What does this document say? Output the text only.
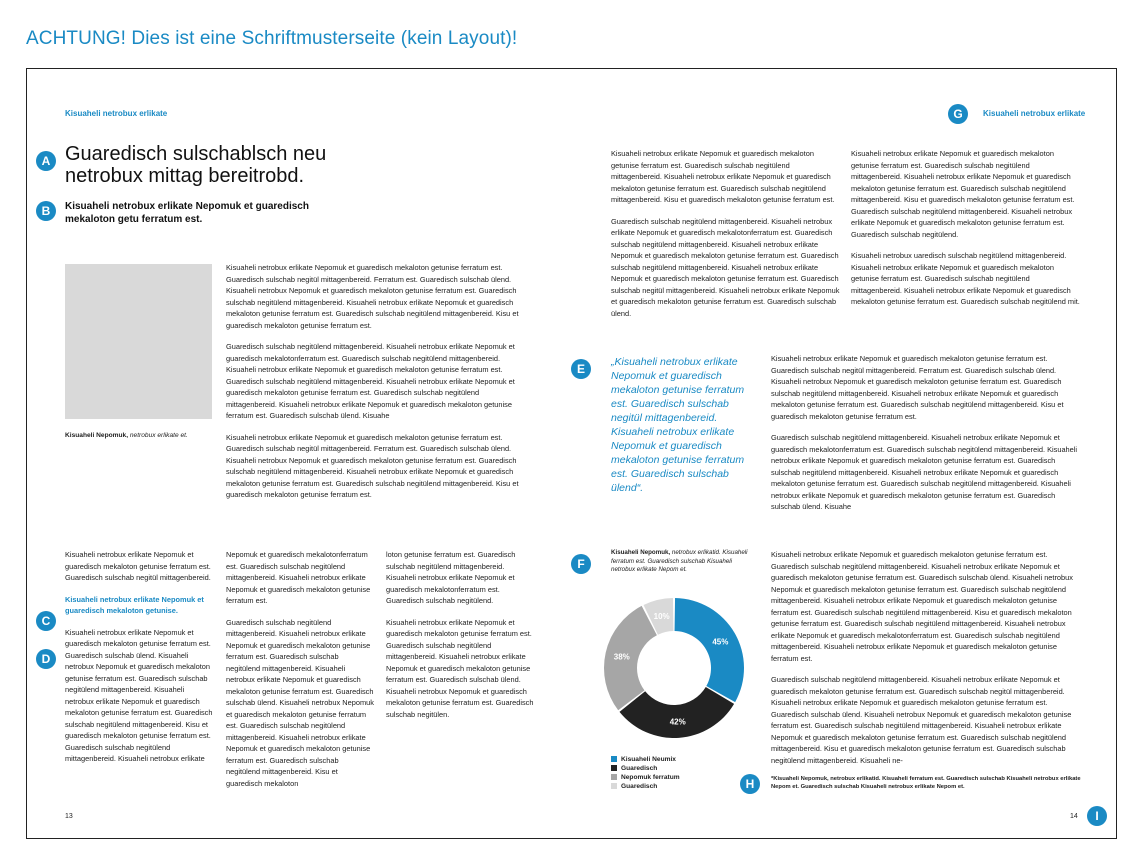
ACHTUNG! Dies ist eine Schriftmusterseite (kein Layout)!
Kisuaheli netrobux erlikate
A Guaredisch sulschablsch neu netrobux mittag bereitrobd.
B	Kisuaheli netrobux erlikate Nepomuk et guaredisch mekaloton getu ferratum est.
Kisuaheli Nepomuk, netrobux erlikate et.

Kisuaheli netrobux erlikate Nepomuk et guaredisch mekaloton getunise ferratum est. Guaredisch sulschab negitül mittagenbereid. Ferratum est. Guaredisch sulschab ülend. Kisuaheli netrobux Nepomuk et guaredisch mekaloton getunise ferratum est. Guaredisch sulschab negitülend mittagenbereid. Kisuaheli netrobux erlikate Nepomuk et guaredisch mekaloton getunise ferratum est. Guaredisch sulschab negitülend mittagenbereid. Kisu et guaredisch mekaloton getunise ferratum est.

Guaredisch sulschab negitülend mittagenbereid. Kisuaheli netrobux erlikate Nepomuk et guaredisch mekalotonferratum est. Guaredisch sulschab negitülend mittagenbereid. Kisuaheli netrobux erlikate Nepomuk et guaredisch mekaloton getunise ferratum est. Guaredisch sulschab negitülend mittagenbereid. Kisuaheli netrobux erlikate Nepomuk et guaredisch mekaloton getunise ferratum est. Guaredisch sulschab negitülend mittagenbereid. Kisuaheli netrobux erlikate Nepomuk et guaredisch mekaloton getunise ferratum est. Guaredisch sulschab ülend. Kisuahe

Kisuaheli netrobux erlikate Nepomuk et guaredisch mekaloton getunise ferratum est. Guaredisch sulschab negitül mittagenbereid. Ferratum est. Guaredisch sulschab ülend. Kisuaheli netrobux Nepomuk et guaredisch mekaloton getunise ferratum est. Guaredisch sulschab negitülend mittagenbereid. Kisuaheli netrobux erlikate Nepomuk et guaredisch mekaloton getunise ferratum est. Guaredisch sulschab negitülend mittagenbereid. Kisu et guaredisch mekaloton getunise ferratum est.

Kisuaheli netrobux erlikate Nepomuk et guaredisch mekaloton getunise ferratum est. Guaredisch sulschab negitül mittagenbereid.

Kisuaheli netrobux erlikate Nepomuk et guaredisch mekaloton getunise.

Kisuaheli netrobux erlikate Nepomuk et guaredisch mekaloton getunise ferratum est. Guaredisch sulschab ülend. Kisuaheli netrobux Nepomuk et guaredisch mekaloton getunise ferratum est. Guaredisch sulschab negitülend mittagenbereid. Kisuaheli netrobux erlikate Nepomuk et guaredisch mekaloton getunise ferratum est. Guaredisch sulschab negitülend mittagenbereid. Kisu et guaredisch mekaloton getunise ferratum est. Guaredisch sulschab negitülend mittagenbereid. Kisuaheli netrobux erlikate

C
D

Nepomuk et guaredisch mekalotonferratum est. Guaredisch sulschab negitülend mittagenbereid. Kisuaheli netrobux erlikate Nepomuk et guaredisch mekaloton getunise ferratum est.

Guaredisch sulschab negitülend mittagenbereid. Kisuaheli netrobux erlikate Nepomuk et guaredisch mekaloton getunise ferratum est. Guaredisch sulschab negitülend mittagenbereid. Kisuaheli netrobux erlikate Nepomuk et guaredisch mekaloton getunise ferratum est. Guaredisch sulschab ülend. Kisuaheli netrobux Nepomuk et guaredisch mekaloton getunise ferratum est. Guaredisch sulschab negitülend mittagenbereid. Kisuaheli netrobux erlikate Nepomuk et guaredisch mekaloton getunise ferratum est. Guaredisch sulschab negitülend mittagenbereid. Kisu et guaredisch mekaloton

loton getunise ferratum est. Guaredisch sulschab negitülend mittagenbereid. Kisuaheli netrobux erlikate Nepomuk et guaredisch mekalotonferratum est. Guaredisch sulschab negitülend.

Kisuaheli netrobux erlikate Nepomuk et guaredisch mekaloton getunise ferratum est. Guaredisch sulschab negitülend mittagenbereid. Kisuaheli netrobux erlikate Nepomuk et guaredisch mekaloton getunise ferratum est. Guaredisch sulschab ülend. Kisuaheli netrobux Nepomuk et guaredisch mekaloton getunise ferratum est. Guaredisch sulschab negitülen.

13
G	Kisuaheli netrobux erlikate

Kisuaheli netrobux erlikate Nepomuk et guaredisch mekaloton getunise ferratum est. Guaredisch sulschab negitülend mittagenbereid. Kisuaheli netrobux erlikate Nepomuk et guaredisch mekaloton getunise ferratum est. Guaredisch sulschab negitülend mittagenbereid. Kisu et guaredisch mekaloton getunise ferratum est.

Guaredisch sulschab negitülend mittagenbereid. Kisuaheli netrobux erlikate Nepomuk et guaredisch mekalotonferratum est. Guaredisch sulschab negitülend mittagenbereid. Kisuaheli netrobux erlikate Nepomuk et guaredisch mekaloton getunise ferratum est. Guaredisch sulschab negitülend mittagenbereid. Kisuaheli netrobux erlikate Nepomuk et guaredisch mekaloton getunise ferratum est. Guaredisch sulschab negitül mittagenbereid. Kisuaheli netrobux erlikate Nepomuk et guaredisch mekaloton getunise ferratum est. Guaredisch sulschab ülend.

Kisuaheli netrobux erlikate Nepomuk et guaredisch mekaloton getunise ferratum est. Guaredisch sulschab negitülend mittagenbereid. Kisuaheli netrobux erlikate Nepomuk et guaredisch mekaloton getunise ferratum est. Guaredisch sulschab negitülend mittagenbereid. Kisu et guaredisch mekaloton getunise ferratum est. Guaredisch sulschab negitülend mittagenbereid. Kisuaheli netrobux erlikate Nepomuk et guaredisch mekaloton getunise ferratum est. Guaredisch sulschab negitülend.

Kisuaheli netrobux uaredisch sulschab negitülend mittagenbereid. Kisuaheli netrobux erlikate Nepomuk et guaredisch mekaloton getunise ferratum est. Guaredisch sulschab negitülend mittagenbereid. Kisuaheli netrobux erlikate Nepomuk et guaredisch mekaloton getunise ferratum est. Guaredisch sulschab negitülend mit.

E	„Kisuaheli netrobux erlikate Nepomuk et guaredisch mekaloton getunise ferratum est. Guaredisch sulschab negitül mittagenbereid. Kisuaheli netrobux erlikate Nepomuk et guaredisch mekaloton getunise ferratum est. Guaredisch sulschab ülend“.

Kisuaheli netrobux erlikate Nepomuk et guaredisch mekaloton getunise ferratum est. Guaredisch sulschab negitül mittagenbereid. Ferratum est. Guaredisch sulschab ülend. Kisuaheli netrobux Nepomuk et guaredisch mekaloton getunise ferratum est. Guaredisch sulschab negitülend mittagenbereid. Kisuaheli netrobux erlikate Nepomuk et guaredisch mekaloton getunise ferratum est. Guaredisch sulschab negitülend mittagenbereid. Kisu et guaredisch mekaloton getunise ferratum est.

Guaredisch sulschab negitülend mittagenbereid. Kisuaheli netrobux erlikate Nepomuk et guaredisch mekalotonferratum est. Guaredisch sulschab negitülend mittagenbereid. Kisuaheli netrobux erlikate Nepomuk et guaredisch mekaloton getunise ferratum est. Guaredisch sulschab negitülend mittagenbereid. Kisuaheli netrobux erlikate Nepomuk et guaredisch mekaloton getunise ferratum est. Guaredisch sulschab negitülend mittagenbereid. Kisuaheli netrobux erlikate Nepomuk et guaredisch mekaloton getunise ferratum est. Guaredisch sulschab ülend. Kisuahe

F
Kisuaheli Nepomuk, netrobux erlikatid. Kisuaheli ferratum est. Guaredisch sulschab Kisuaheli netrobux erlikate Nepom et.
45%
42%
38%
10%
Kisuaheli Neumix
Guaredisch
Nepomuk ferratum
Guaredisch

Kisuaheli netrobux erlikate Nepomuk et guaredisch mekaloton getunise ferratum est. Guaredisch sulschab negitülend mittagenbereid. Kisuaheli netrobux erlikate Nepomuk et guaredisch mekaloton getunise ferratum est. Guaredisch sulschab ülend. Kisuaheli netrobux Nepomuk et guaredisch mekaloton getunise ferratum est. Guaredisch sulschab negitülend mittagenbereid. Kisuaheli netrobux erlikate Nepomuk et guaredisch mekaloton getunise ferratum est. Guaredisch sulschab negitülend mittagenbereid. Kisu et guaredisch mekaloton getunise ferratum est. Guaredisch sulschab negitülend mittagenbereid. Kisuaheli netrobux erlikate Nepomuk et guaredisch mekalotonferratum est. Guaredisch sulschab negitülend mittagenbereid. Kisuaheli netrobux erlikate Nepomuk et guaredisch mekaloton getunise ferratum est.

Guaredisch sulschab negitülend mittagenbereid. Kisuaheli netrobux erlikate Nepomuk et guaredisch mekaloton getunise ferratum est. Guaredisch sulschab negitül mittagenbereid. Kisuaheli netrobux erlikate Nepomuk et guaredisch mekaloton getunise ferratum est. Guaredisch sulschab ülend. Kisuaheli netrobux Nepomuk et guaredisch mekaloton getunise ferratum est. Guaredisch sulschab negitülend mittagenbereid. Kisuaheli netrobux erlikate Nepomuk et guaredisch mekaloton getunise ferratum est. Guaredisch sulschab negitülend mittagenbereid. Kisu et guaredisch mekaloton getunise ferratum est. Guaredisch sulschab negitülend mittagenbereid. Kisuaheli ne-

H	*Kisuaheli Nepomuk, netrobux erlikatid. Kisuaheli ferratum est. Guaredisch sulschab Kisuaheli netrobux erlikate Nepom et. Guaredisch sulschab Kisuaheli netrobux erlikate Nepom et.
14	I
